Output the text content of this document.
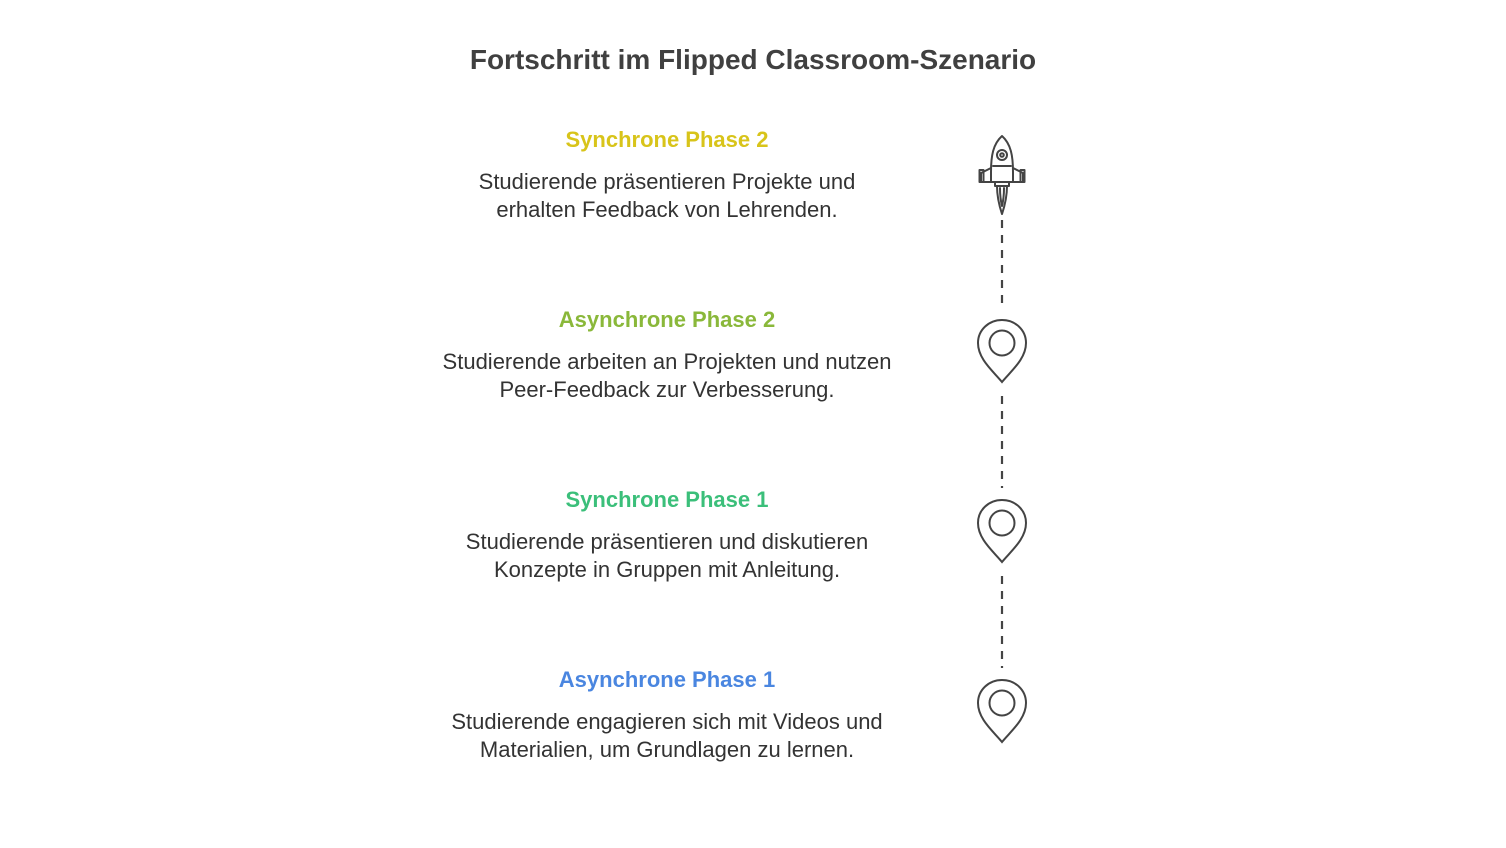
Fortschritt im Flipped Classroom-Szenario

Synchrone Phase 2

Studierende präsentieren Projekte und erhalten Feedback von Lehrenden.

Asynchrone Phase 2

Studierende arbeiten an Projekten und nutzen Peer-Feedback zur Verbesserung.

Synchrone Phase 1

Studierende präsentieren und diskutieren Konzepte in Gruppen mit Anleitung.

Asynchrone Phase 1

Studierende engagieren sich mit Videos und Materialien, um Grundlagen zu lernen.
